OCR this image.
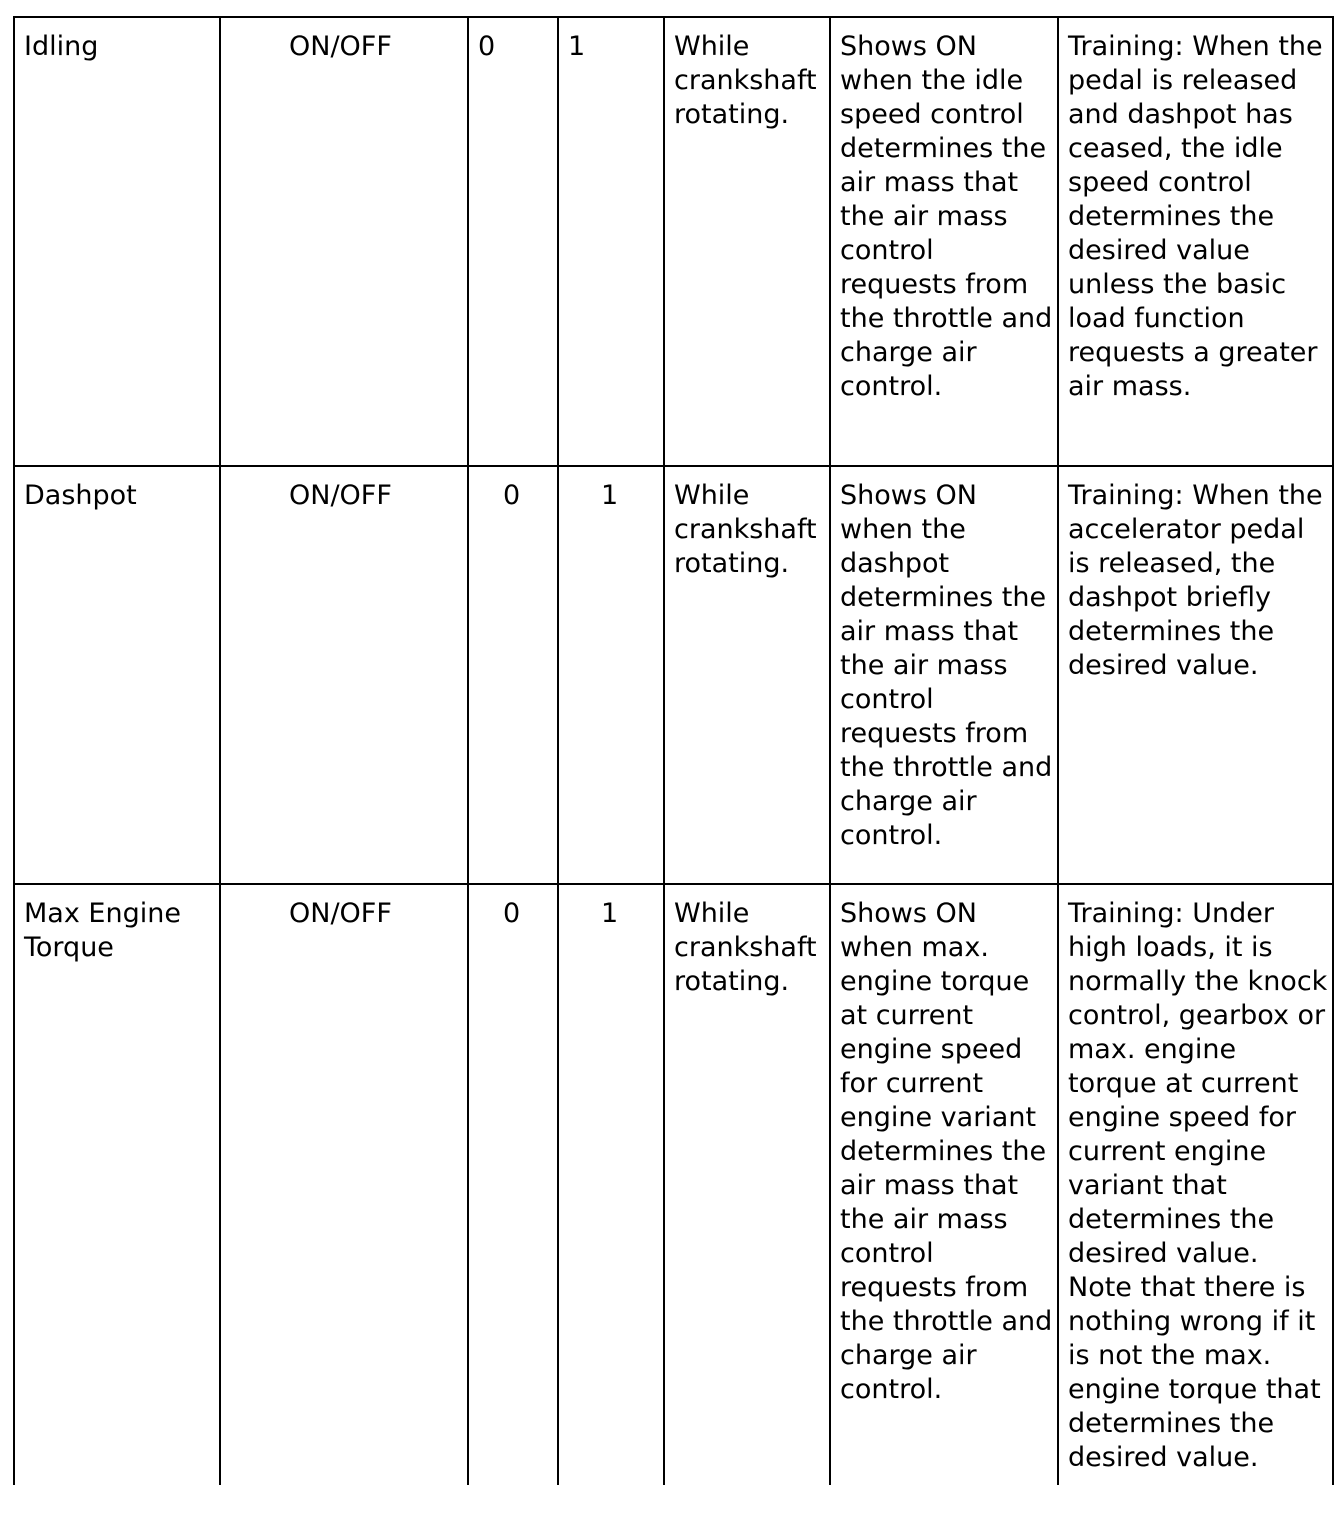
Idling	ON/OFF	0	1	While crankshaft rotating.	Shows ON when the idle speed control determines the air mass that the air mass control requests from the throttle and charge air control.	Training: When the pedal is released and dashpot has ceased, the idle speed control determines the desired value unless the basic load function requests a greater air mass.
Dashpot	ON/OFF	0	1	While crankshaft rotating.	Shows ON when the dashpot determines the air mass that the air mass control requests from the throttle and charge air control.	Training: When the accelerator pedal is released, the dashpot briefly determines the desired value.
Max Engine Torque	ON/OFF	0	1	While crankshaft rotating.	Shows ON when max. engine torque at current engine speed for current engine variant determines the air mass that the air mass control requests from the throttle and charge air control.	Training: Under high loads, it is normally the knock control, gearbox or max. engine torque at current engine speed for current engine variant that determines the desired value. Note that there is nothing wrong if it is not the max. engine torque that determines the desired value.
